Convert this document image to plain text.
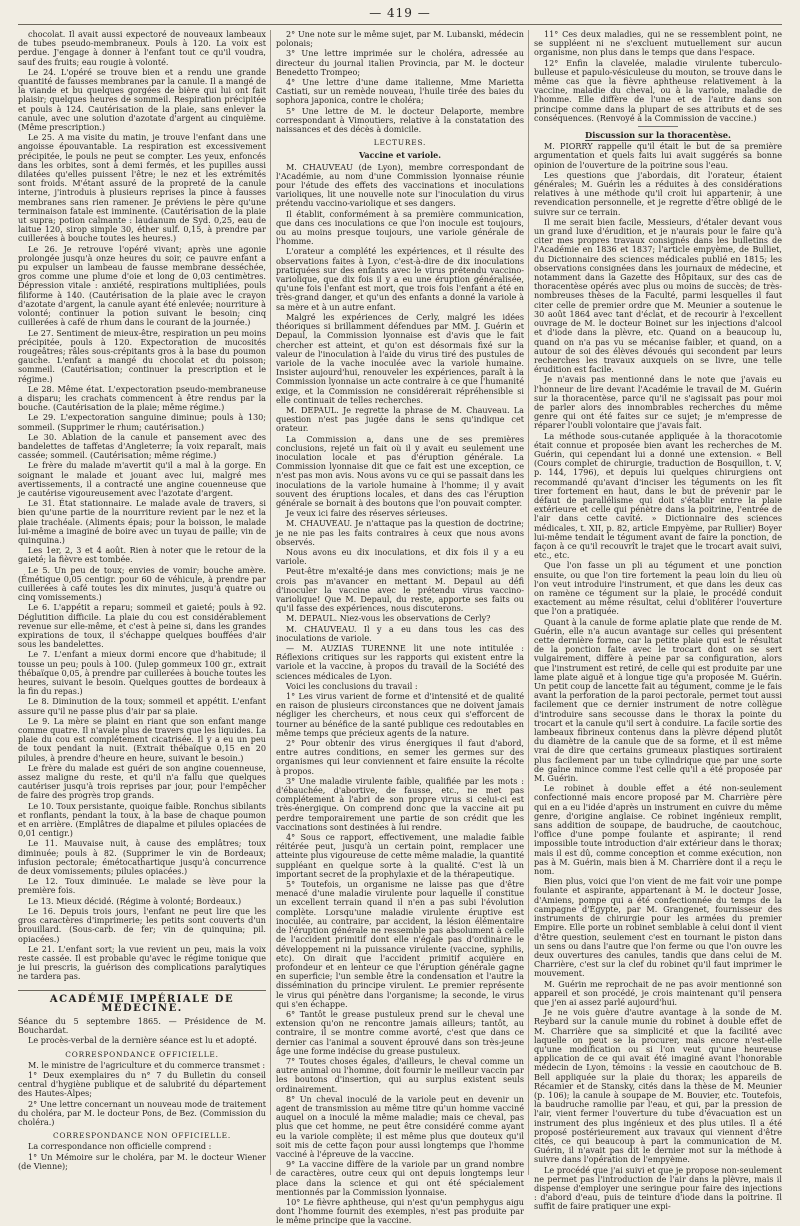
— 419 —

chocolat. Il avait aussi expectoré de nouveaux lambeaux de tubes pseudo-membraneux. Pouls à 120. La voix est perdue. J'engage à donner à l'enfant tout ce qu'il voudra, sauf des fruits; eau rougie à volonté.

Le 24. L'opéré se trouve bien et a rendu une grande quantité de fausses membranes par la canule. Il a mangé de la viande et bu quelques gorgées de bière qui lui ont fait plaisir; quelques heures de sommeil. Respiration précipitée et pouls à 124. Cautérisation de la plaie, sans enlever la canule, avec une solution d'azotate d'argent au cinquième. (Même prescription.)

Le 25. A ma visite du matin, je trouve l'enfant dans une angoisse épouvantable. La respiration est excessivement précipitée, le pouls ne peut se compter. Les yeux, enfoncés dans les orbites, sont à demi fermés, et les pupilles aussi dilatées qu'elles puissent l'être; le nez et les extrémités sont froids. M'étant assuré de la propreté de la canule interne, j'introduis à plusieurs reprises la pince à fausses membranes sans rien ramener. Je préviens le père qu'une terminaison fatale est imminente. (Cautérisation de la plaie ut supra; potion calmante : laudanum de Syd. 0,25, eau de laitue 120, sirop simple 30, éther sulf. 0,15, à prendre par cuillerées à bouche toutes les heures.)

Le 26. Je retrouve l'opéré vivant; après une agonie prolongée jusqu'à onze heures du soir, ce pauvre enfant a pu expulser un lambeau de fausse membrane desséchée, gros comme une plume d'oie et long de 0,03 centimètres. Dépression vitale : anxiété, respirations multipliées, pouls filiforme à 140. (Cautérisation de la plaie avec le crayon d'azotate d'argent, la canule ayant été enlevée; nourriture à volonté; continuer la potion suivant le besoin; cinq cuillerées à café de rhum dans le courant de la journée.)

Le 27. Sentiment de mieux-être, respiration un peu moins précipitée, pouls à 120. Expectoration de mucosités rougeâtres; râles sous-crépitants gros à la base du poumon gauche. L'enfant a mangé du chocolat et du poisson; sommeil. (Cautérisation; continuer la prescription et le régime.)

Le 28. Même état. L'expectoration pseudo-membraneuse a disparu; les crachats commencent à être rendus par la bouche. (Cautérisation de la plaie; même régime.)

Le 29. L'expectoration sanguine diminue; pouls à 130; sommeil. (Supprimer le rhum; cautérisation.)

Le 30. Ablation de la canule et pansement avec des bandelettes de taffetas d'Angleterre; la voix reparaît, mais cassée; sommeil. (Cautérisation; même régime.)

Le frère du malade m'avertit qu'il a mal à la gorge. En soignant le malade et jouant avec lui, malgré mes avertissements, il a contracté une angine couenneuse que je cautérise vigoureusement avec l'azotate d'argent.

Le 31. État stationnaire. Le malade avale de travers, si bien qu'une partie de la nourriture revient par le nez et la plaie trachéale. (Aliments épais; pour la boisson, le malade lui-même a imaginé de boire avec un tuyau de paille; vin de quinquina.)

Les 1er, 2, 3 et 4 août. Rien à noter que le retour de la gaieté; la fièvre est tombée.

Le 5. Un peu de toux; envies de vomir; bouche amère. (Émétique 0,05 centigr. pour 60 de véhicule, à prendre par cuillerées à café toutes les dix minutes, jusqu'à quatre ou cinq vomissements.)

Le 6. L'appétit a reparu; sommeil et gaieté; pouls à 92. Déglutition difficile. La plaie du cou est considérablement revenue sur elle-même, et c'est à peine si, dans les grandes expirations de toux, il s'échappe quelques bouffées d'air sous les bandelettes.

Le 7. L'enfant a mieux dormi encore que d'habitude; il tousse un peu; pouls à 100. (Julep gommeux 100 gr., extrait thébaïque 0,05, à prendre par cuillerées à bouche toutes les heures, suivant le besoin. Quelques gouttes de bordeaux à la fin du repas.)

Le 8. Diminution de la toux; sommeil et appétit. L'enfant assure qu'il ne passe plus d'air par sa plaie.

Le 9. La mère se plaint en riant que son enfant mange comme quatre. Il n'avale plus de travers que les liquides. La plaie du cou est complétement cicatrisée. Il y a eu un peu de toux pendant la nuit. (Extrait thébaïque 0,15 en 20 pilules, à prendre d'heure en heure, suivant le besoin.)

Le frère du malade est guéri de son angine couenneuse, assez maligne du reste, et qu'il n'a fallu que quelques cautériser jusqu'à trois reprises par jour, pour l'empêcher de faire des progrès trop grands.

Le 10. Toux persistante, quoique faible. Ronchus sibilants et ronflants, pendant la toux, à la base de chaque poumon et en arrière. (Emplâtres de diapalme et pilules opiacées de 0,01 centigr.)

Le 11. Mauvaise nuit, à cause des emplâtres; toux diminuée; pouls à 82. (Supprimer le vin de Bordeaux; infusion pectorale; émétocathartique jusqu'à concurrence de deux vomissements; pilules opiacées.)

Le 12. Toux diminuée. Le malade se lève pour la première fois.

Le 13. Mieux décidé. (Régime à volonté; Bordeaux.)

Le 16. Depuis trois jours, l'enfant ne peut lire que les gros caractères d'imprimerie; les petits sont couverts d'un brouillard. (Sous-carb. de fer; vin de quinquina; pil. opiacées.)

Le 21. L'enfant sort; la vue revient un peu, mais la voix reste cassée. Il est probable qu'avec le régime tonique que je lui prescris, la guérison des complications paralytiques ne tardera pas.

ACADÉMIE IMPÉRIALE DE MÉDECINE.

Séance du 5 septembre 1865. — Présidence de M. Bouchardat.

Le procès-verbal de la dernière séance est lu et adopté.

CORRESPONDANCE OFFICIELLE.

M. le ministre de l'agriculture et du commerce transmet :

1° Deux exemplaires du n° 7 du Bulletin du conseil central d'hygiène publique et de salubrité du département des Hautes-Alpes;

2° Une lettre concernant un nouveau mode de traitement du choléra, par M. le docteur Pons, de Bez. (Commission du choléra.)

CORRESPONDANCE NON OFFICIELLE.

La correspondance non officielle comprend :

1° Un Mémoire sur le choléra, par M. le docteur Wiener (de Vienne);

2° Une note sur le même sujet, par M. Lubanski, médecin polonais;

3° Une lettre imprimée sur le choléra, adressée au directeur du journal italien Provincia, par M. le docteur Benedetto Trompeo;

4° Une lettre d'une dame italienne, Mme Marietta Castiati, sur un remède nouveau, l'huile tirée des baies du sophora japonica, contre le choléra;

5° Une lettre de M. le docteur Delaporte, membre correspondant à Vimoutiers, relative à la constatation des naissances et des décès à domicile.

LECTURES.
Vaccine et variole.

M. CHAUVEAU (de Lyon), membre correspondant de l'Académie, au nom d'une Commission lyonnaise réunie pour l'étude des effets des vaccinations et inoculations varioliques, lit une nouvelle note sur l'inoculation du virus prétendu vaccino-variolique et ses dangers.

Il établit, conformément à sa première communication, que dans ces inoculations ce que l'on inocule est toujours, ou au moins presque toujours, une variole générale de l'homme.

L'orateur a complété les expériences, et il résulte des observations faites à Lyon, c'est-à-dire de dix inoculations pratiquées sur des enfants avec le virus prétendu vaccino-variolique, que dix fois il y a eu une éruption généralisée, qu'une fois l'enfant est mort, que trois fois l'enfant a été en très-grand danger, et qu'un des enfants a donné la variole à sa mère et à un autre enfant.

Malgré les expériences de Cerly, malgré les idées théoriques si brillamment défendues par MM. J. Guérin et Depaul, la Commission lyonnaise est d'avis que le fait chercher est atteint, et qu'on est désormais fixé sur la valeur de l'inoculation à l'aide du virus tiré des pustules de variole de la vache inoculée avec la variole humaine. Insister aujourd'hui, renouveler les expériences, paraît à la Commission lyonnaise un acte contraire à ce que l'humanité exige, et la Commission ne considérerait répréhensible si elle continuait de telles recherches.

M. DEPAUL. Je regrette la phrase de M. Chauveau. La question n'est pas jugée dans le sens qu'indique cet orateur.

La Commission a, dans une de ses premières conclusions, rejeté un fait où il y avait eu seulement une inoculation locale et pas d'éruption générale. La Commission lyonnaise dit que ce fait est une exception, ce n'est pas mon avis. Nous avons vu ce qui se passait dans les inoculations de la variole humaine à l'homme; il y avait souvent des éruptions locales, et dans des cas l'éruption générale se bornait à des boutons que l'on pouvait compter.

Je veux ici faire des réserves sérieuses.

M. CHAUVEAU. Je n'attaque pas la question de doctrine; je ne nie pas les faits contraires à ceux que nous avons observés.

Nous avons eu dix inoculations, et dix fois il y a eu variole.

Peut-être m'exalté-je dans mes convictions; mais je ne crois pas m'avancer en mettant M. Depaul au défi d'inoculer la vaccine avec le prétendu virus vaccino-variolique! Que M. Depaul, du reste, apporte ses faits ou qu'il fasse des expériences, nous discuterons.

M. DEPAUL. Niez-vous les observations de Cerly?

M. CHAUVEAU. Il y a eu dans tous les cas des inoculations de variole.

— M. AUZIAS TURENNE lit une note intitulée : Réflexions critiques sur les rapports qui existent entre la variole et la vaccine, à propos du travail de la Société des sciences médicales de Lyon.

Voici les conclusions du travail :

1° Les virus varient de forme et d'intensité et de qualité en raison de plusieurs circonstances que ne doivent jamais négliger les chercheurs, et nous ceux qui s'efforcent de tourner au bénéfice de la santé publique ces redoutables en même temps que précieux agents de la nature.

2° Pour obtenir des virus énergiques il faut d'abord, entre autres conditions, en semer les germes sur des organismes qui leur conviennent et faire ensuite la récolte à propos.

3° Une maladie virulente faible, qualifiée par les mots : d'ébauchée, d'abortive, de fausse, etc., ne met pas complétement à l'abri de son propre virus si celui-ci est très-énergique. On comprend donc que la vaccine ait pu perdre temporairement une partie de son crédit que les vaccinations sont destinées à lui rendre.

4° Sous ce rapport, effectivement, une maladie faible réitérée peut, jusqu'à un certain point, remplacer une atteinte plus vigoureuse de cette même maladie, la quantité suppléant en quelque sorte à la qualité. C'est là un important secret de la prophylaxie et de la thérapeutique.

5° Toutefois, un organisme ne laisse pas que d'être menacé d'une maladie virulente pour laquelle il constitue un excellent terrain quand il n'en a pas subi l'évolution complète. Lorsqu'une maladie virulente éruptive est inoculée, au contraire, par accident, la lésion élémentaire de l'éruption générale ne ressemble pas absolument à celle de l'accident primitif dont elle n'égale pas d'ordinaire le développement ni la puissance virulente (vaccine, syphilis, etc). On dirait que l'accident primitif acquière en profondeur et en lenteur ce que l'éruption générale gagne en superficie; l'un semble être la condensation et l'autre la dissémination du principe virulent. Le premier représente le virus qui pénètre dans l'organisme; la seconde, le virus qui s'en échappe.

6° Tantôt le grease pustuleux prend sur le cheval une extension qu'on ne rencontre jamais ailleurs; tantôt, au contraire, il se montre comme avorté, c'est que dans ce dernier cas l'animal a souvent éprouvé dans son très-jeune âge une forme indécise du grease pustuleux.

7° Toutes choses égales, d'ailleurs, le cheval comme un autre animal ou l'homme, doit fournir le meilleur vaccin par les boutons d'insertion, qui au surplus existent seuls ordinairement.

8° Un cheval inoculé de la variole peut en devenir un agent de transmission au même titre qu'un homme vacciné auquel on a inoculé la même maladie; mais ce cheval, pas plus que cet homme, ne peut être considéré comme ayant eu la variole complète; il est même plus que douteux qu'il soit mis de cette façon pour aussi longtemps que l'homme vacciné à l'épreuve de la vaccine.

9° La vaccine diffère de la variole par un grand nombre de caractères, outre ceux qui ont depuis longtemps leur place dans la science et qui ont été spécialement mentionnés par la Commission lyonnaise.

10° Le fièvre aphtheuse, qui n'est qu'un pemphygus aigu dont l'homme fournit des exemples, n'est pas produite par le même principe que la vaccine.

11° Ces deux maladies, qui ne se ressemblent point, ne se suppléent ni ne s'excluent mutuellement sur aucun organisme, non plus dans le temps que dans l'espace.

12° Enfin la clavelée, maladie virulente tuberculo-bulleuse et papulo-vésiculeuse du mouton, se trouve dans le même cas que la fièvre aphtheuse relativement à la vaccine, maladie du cheval, ou à la variole, maladie de l'homme. Elle diffère de l'une et de l'autre dans son principe comme dans la plupart de ses attributs et de ses conséquences. (Renvoyé à la Commission de vaccine.)

Discussion sur la thoracentèse.

M. PIORRY rappelle qu'il était le but de sa première argumentation et quels faits lui avait suggérés sa bonne opinion de l'ouverture de la poitrine sous l'eau.

Les questions que j'abordais, dit l'orateur, étaient générales; M. Guérin les a réduites à des considérations relatives à une méthode qu'il croit lui appartenir, à une revendication personnelle, et je regrette d'être obligé de le suivre sur ce terrain.

Il me serait bien facile, Messieurs, d'étaler devant vous un grand luxe d'érudition, et je n'aurais pour le faire qu'à citer mes propres travaux consignés dans les bulletins de l'Académie en 1836 et 1837; l'article empyème, de Bulliet, du Dictionnaire des sciences médicales publié en 1815; les observations consignées dans les journaux de médecine, et notamment dans la Gazette des Hôpitaux, sur des cas de thoracentèse opérés avec plus ou moins de succès; de très-nombreuses thèses de la Faculté, parmi lesquelles il faut citer celle de premier ordre que M. Meunier a soutenue le 30 août 1864 avec tant d'éclat, et de recourir à l'excellent ouvrage de M. le docteur Boinet sur les injections d'alcool et d'iode dans la plèvre, etc. Quand on a beaucoup lu, quand on n'a pas vu se mécanise faibler, et quand, on a autour de soi des élèves dévoués qui secondent par leurs recherches les travaux auxquels on se livre, une telle érudition est facile.

Je n'avais pas mentionné dans le note que j'avais eu l'honneur de lire devant l'Académie le travail de M. Guérin sur la thoracentèse, parce qu'il ne s'agissait pas pour moi de parler alors des innombrables recherches du même genre qui ont été faites sur ce sujet; je m'empresse de réparer l'oubli volontaire que j'avais fait.

La méthode sous-cutanée appliquée à la thoracotomie était connue et proposée bien avant les recherches de M. Guérin, qui cependant lui a donné une extension. « Bell (Cours complet de chirurgie, traduction de Bosquillon, t. V, p. 144, 1796), et depuis lui quelques chirurgiens ont recommandé qu'avant d'inciser les téguments on les fît tirer fortement en haut, dans le but de prévenir par le défaut de parallélisme qui doit s'établir entre la plaie extérieure et celle qui pénètre dans la poitrine, l'entrée de l'air dans cette cavité. » Dictionnaire des sciences médicales, t. XII, p. 82, article Empyème, par Rullier) Boyer lui-même tendait le tégument avant de faire la ponction, de façon à ce qu'il recouvrît le trajet que le trocart avait suivi, etc., etc.

Que l'on fasse un pli au tégument et une ponction ensuite, ou que l'on tire fortement la peau loin du lieu où l'on veut introduire l'instrument, et que dans les deux cas on ramène ce tégument sur la plaie, le procédé conduit exactement au même résultat, celui d'oblitérer l'ouverture que l'on a pratiquée.

Quant à la canule de forme aplatie plate que rende de M. Guérin, elle n'a aucun avantage sur celles qui présentent cette dernière forme, car la petite plaie qui est le résultat de la ponction faite avec le trocart dont on se sert vulgairement, diffère à peine par sa configuration, alors que l'instrument est retiré, de celle qui est produite par une lame plate aiguë et à longue tige qu'a proposée M. Guérin. Un petit coup de lancette fait au tégument, comme je le fais avant la perforation de la paroi pectorale, permet tout aussi facilement que ce dernier instrument de notre collègue d'introduire sans secousse dans le thorax la pointe du trocart et la canule qu'il sert à conduire. La facile sortie des lambeaux fibrineux contenus dans la plèvre dépend plutôt du diamètre de la canule que de sa forme, et il est même vrai de dire que certains grumeaux plastiques sortiraient plus facilement par un tube cylindrique que par une sorte de gaîne mince comme l'est celle qu'il a été proposée par M. Guérin.

Le robinet à double effet a été non-seulement confectionné mais encore proposé par M. Charrière père qui en a eu l'idée d'après un instrument en cuivre du même genre, d'origine anglaise. Ce robinet ingénieux remplit, sans addition de soupape, de baudruche, de caoutchouc, l'office d'une pompe foulante et aspirante; il rend impossible toute introduction d'air extérieur dans le thorax; mais il est dû, comme conception et comme exécution, non pas à M. Guérin, mais bien à M. Charrière dont il a reçu le nom.

Bien plus, voici que l'on vient de me fait voir une pompe foulante et aspirante, appartenant à M. le docteur Josse, d'Amiens, pompe qui a été confectionnée du temps de la campagne d'Égypte, par M. Grangenet, fournisseur des instruments de chirurgie pour les armées du premier Empire. Elle porte un robinet semblable à celui dont il vient d'être question, seulement c'est en tournant le piston dans un sens ou dans l'autre que l'on ferme ou que l'on ouvre les deux ouvertures des canules, tandis que dans celui de M. Charrière, c'est sur la clef du robinet qu'il faut imprimer le mouvement.

M. Guérin me reprochait de ne pas avoir mentionné son appareil et son procédé, je crois maintenant qu'il pensera que j'en ai assez parlé aujourd'hui.

Je ne vois guère d'autre avantage à la sonde de M. Reybard sur la canule munie du robinet à double effet de M. Charrière que sa simplicité et que la facilité avec laquelle on peut se la procurer, mais encore n'est-elle qu'une modification ou si l'on veut qu'une heureuse application de ce qui avait été imaginé avant l'honorable médecin de Lyon, témoins : la vessie en caoutchouc de B. Bell appliquée sur la plaie du thorax; les appareils de Récamier et de Stansky, cités dans la thèse de M. Meunier (p. 106); la canule à soupape de M. Bouvier, etc. Toutefois, la baudruche ramollie par l'eau, et qui, par la pression de l'air, vient fermer l'ouverture du tube d'évacuation est un instrument des plus ingénieux et des plus utiles. Il a été proposé postérieurement aux travaux qui viennent d'être cités, ce qui beaucoup à part la communication de M. Guérin, il n'avait pas dit le dernier mot sur la méthode à suivre dans l'opération de l'empyème.

Le procédé que j'ai suivi et que je propose non-seulement ne permet pas l'introduction de l'air dans la plèvre, mais il dispense d'employer une seringue pour faire des injections : d'abord d'eau, puis de teinture d'iode dans la poitrine. Il suffit de faire pratiquer une expi-
